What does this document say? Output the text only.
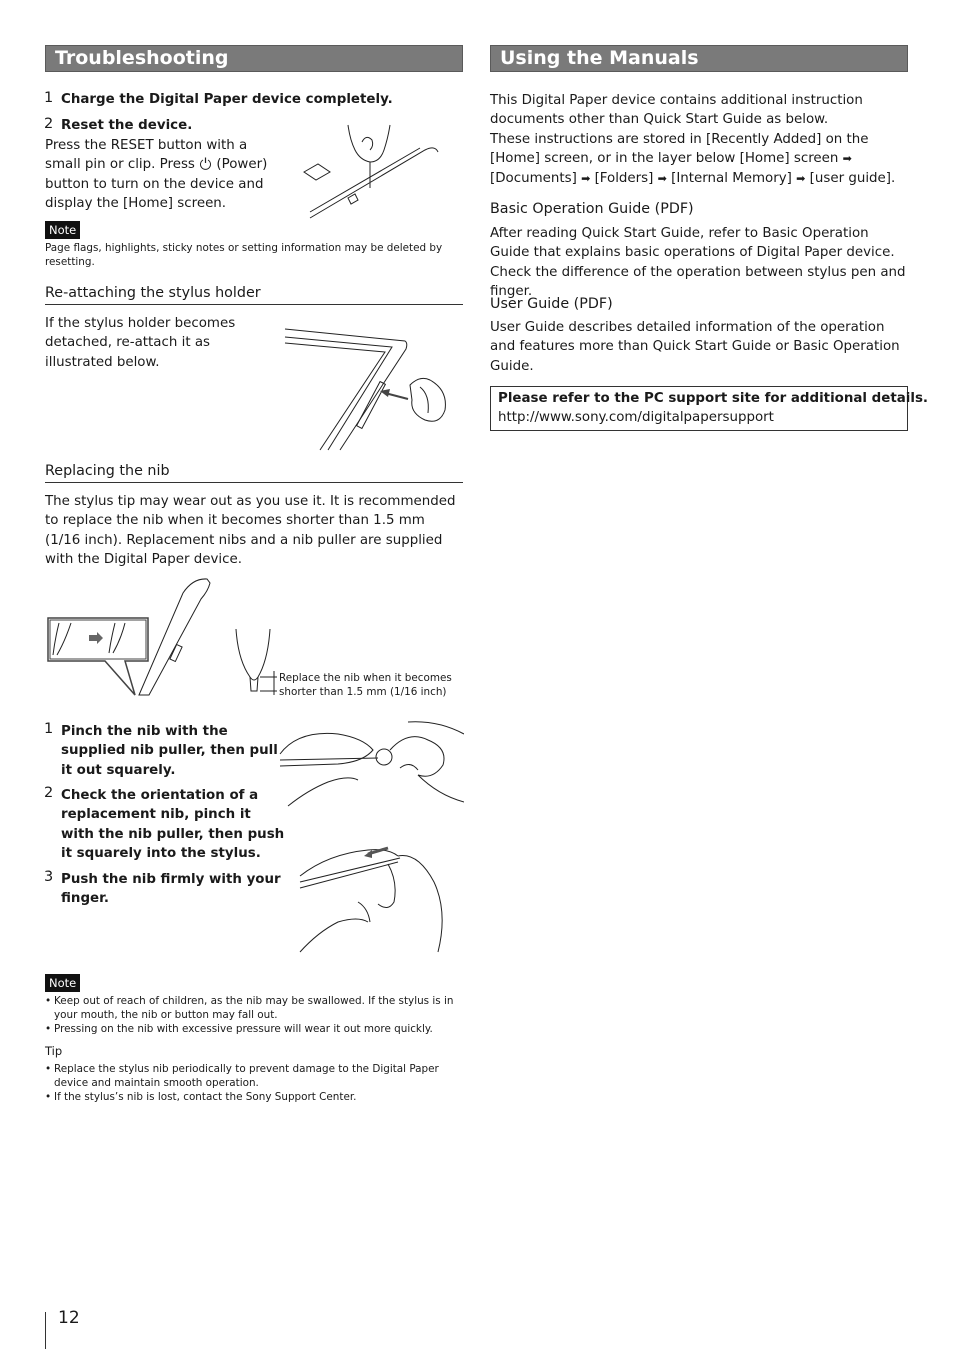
Troubleshooting
1 Charge the Digital Paper device completely.
2 Reset the device.
Press the RESET button with a
small pin or clip. Press  (Power)
button to turn on the device and
display the [Home] screen.
Note
Page flags, highlights, sticky notes or setting information may be deleted by resetting.
Re-attaching the stylus holder
If the stylus holder becomes
detached, re-attach it as
illustrated below.
Replacing the nib
The stylus tip may wear out as you use it. It is recommended to replace the nib when it becomes shorter than 1.5 mm (1/16 inch). Replacement nibs and a nib puller are supplied with the Digital Paper device.
Replace the nib when it becomes
shorter than 1.5 mm (1/16 inch)
1 Pinch the nib with the
supplied nib puller, then pull
it out squarely.
2 Check the orientation of a
replacement nib, pinch it
with the nib puller, then push
it squarely into the stylus.
3 Push the nib firmly with your
finger.
Note
• Keep out of reach of children, as the nib may be swallowed. If the stylus is in your mouth, the nib or button may fall out.
• Pressing on the nib with excessive pressure will wear it out more quickly.
Tip
• Replace the stylus nib periodically to prevent damage to the Digital Paper device and maintain smooth operation.
• If the stylus’s nib is lost, contact the Sony Support Center.
Using the Manuals
This Digital Paper device contains additional instruction
documents other than Quick Start Guide as below.
These instructions are stored in [Recently Added] on the
[Home] screen, or in the layer below [Home] screen ➡
[Documents] ➡ [Folders] ➡ [Internal Memory] ➡ [user guide].
Basic Operation Guide (PDF)
After reading Quick Start Guide, refer to Basic Operation Guide that explains basic operations of Digital Paper device. Check the difference of the operation between stylus pen and finger.
User Guide (PDF)
User Guide describes detailed information of the operation and features more than Quick Start Guide or Basic Operation Guide.
Please refer to the PC support site for additional details.
http://www.sony.com/digitalpapersupport
12
